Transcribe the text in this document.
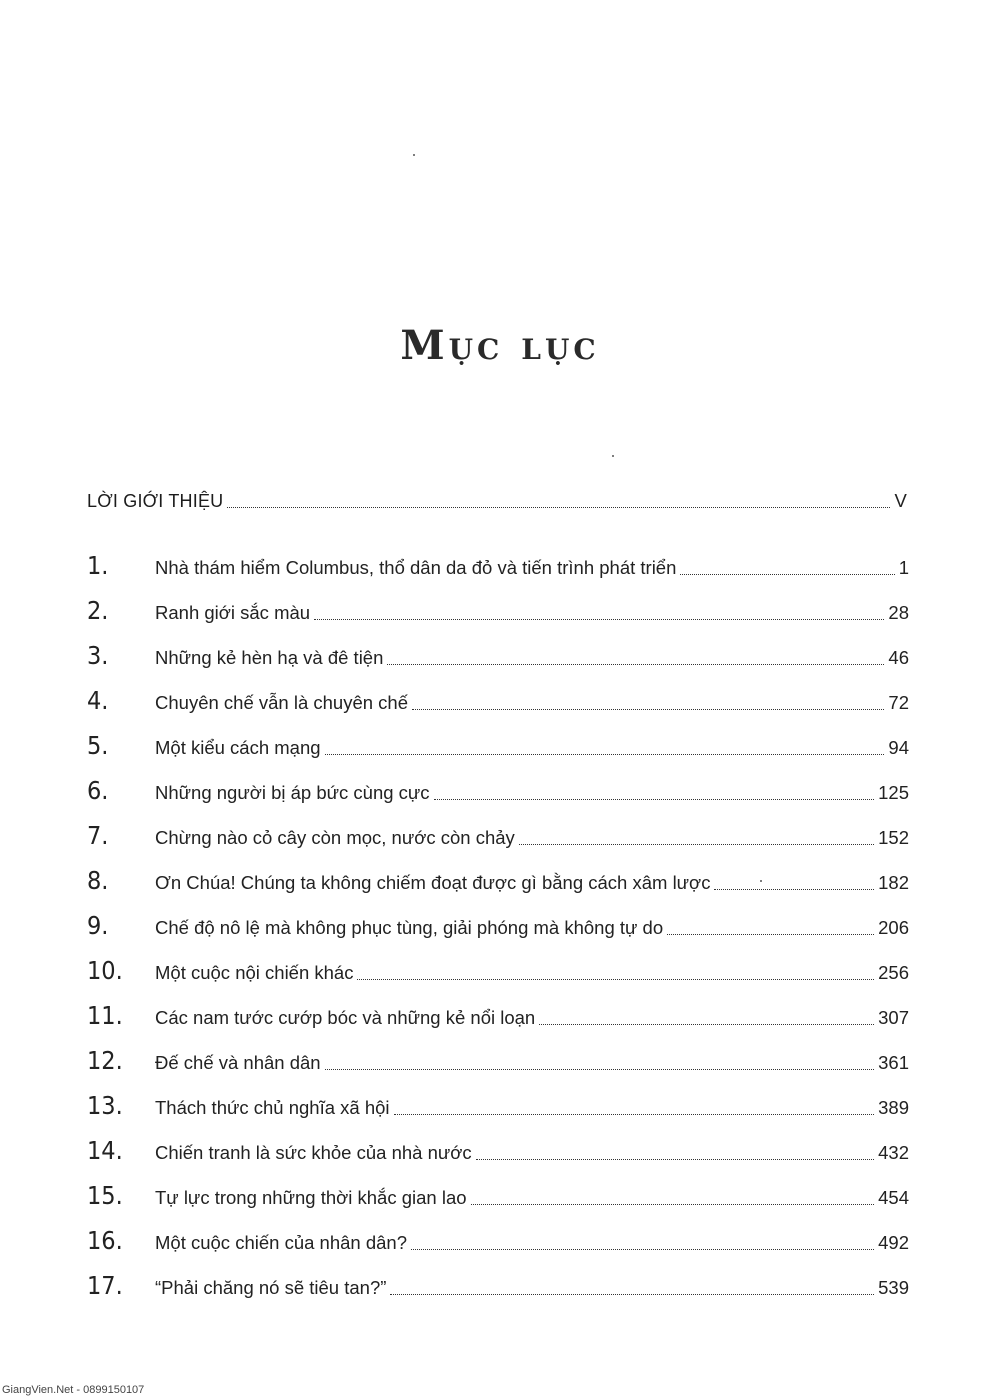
Mục lục
LỜI GIỚI THIỆU	V
1.	Nhà thám hiểm Columbus, thổ dân da đỏ và tiến trình phát triển	1
2.	Ranh giới sắc màu	28
3.	Những kẻ hèn hạ và đê tiện	46
4.	Chuyên chế vẫn là chuyên chế	72
5.	Một kiểu cách mạng	94
6.	Những người bị áp bức cùng cực	125
7.	Chừng nào cỏ cây còn mọc, nước còn chảy	152
8.	Ơn Chúa! Chúng ta không chiếm đoạt được gì bằng cách xâm lược	182
9.	Chế độ nô lệ mà không phục tùng, giải phóng mà không tự do	206
10.	Một cuộc nội chiến khác	256
11.	Các nam tước cướp bóc và những kẻ nổi loạn	307
12.	Đế chế và nhân dân	361
13.	Thách thức chủ nghĩa xã hội	389
14.	Chiến tranh là sức khỏe của nhà nước	432
15.	Tự lực trong những thời khắc gian lao	454
16.	Một cuộc chiến của nhân dân?	492
17.	“Phải chăng nó sẽ tiêu tan?”	539
GiangVien.Net - 0899150107
